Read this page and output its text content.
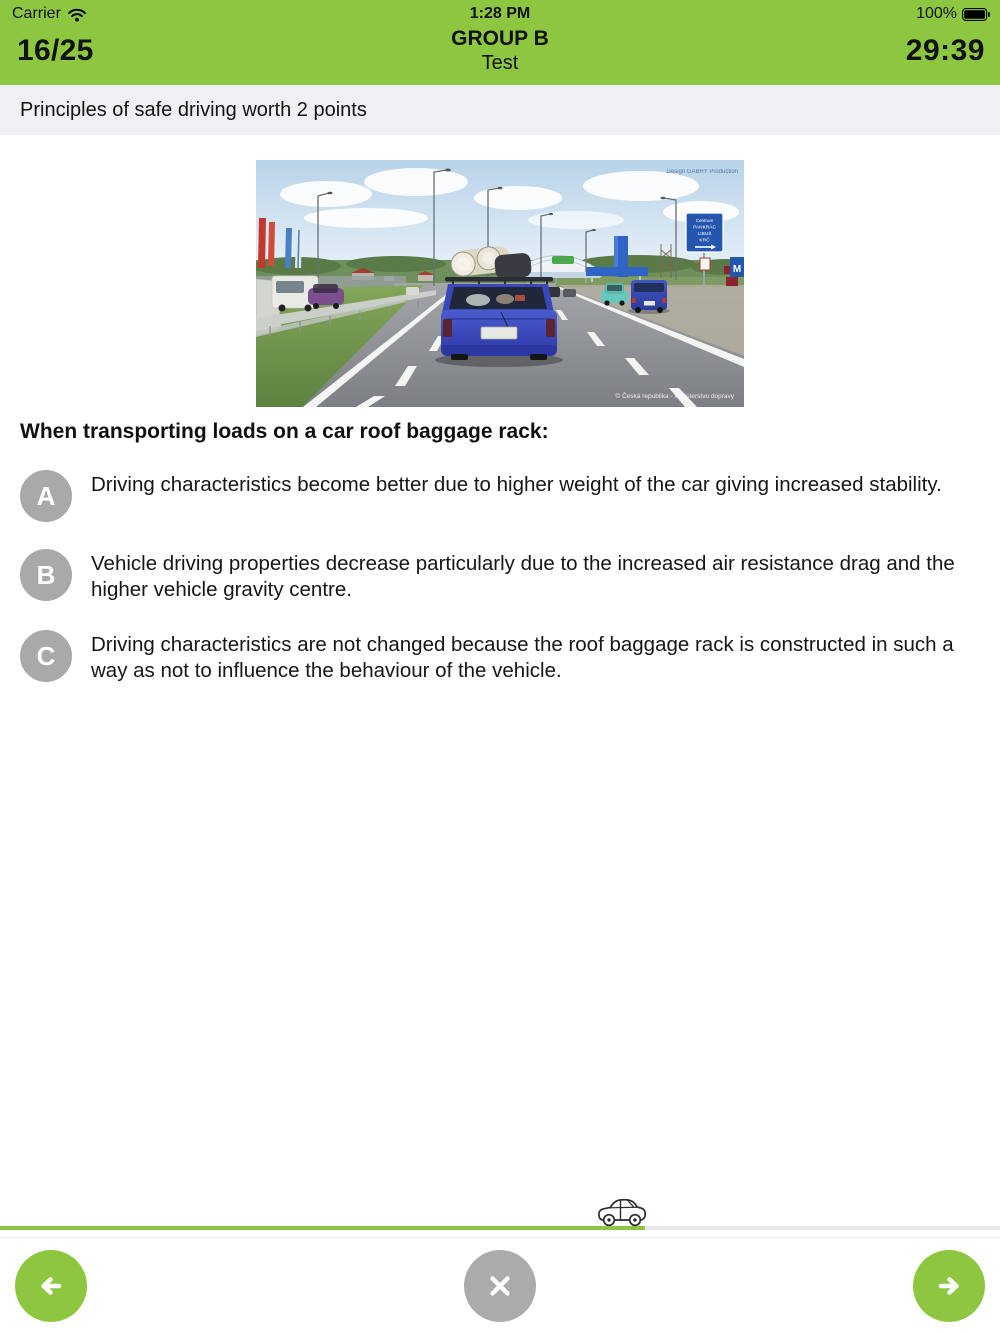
Carrier	1:28 PM	100%
16/25	GROUP B
Test	29:39
Principles of safe driving worth 2 points
Centrum
PANKRÁC
LIBUŠ
KRČ
M
Design GABRY Production
© Česká republika - Ministerstvo dopravy
When transporting loads on a car roof baggage rack:
A	Driving characteristics become better due to higher weight of the car giving increased stability.
B	Vehicle driving properties decrease particularly due to the increased air resistance drag and the higher vehicle gravity centre.
C	Driving characteristics are not changed because the roof baggage rack is constructed in such a way as not to influence the behaviour of the vehicle.
